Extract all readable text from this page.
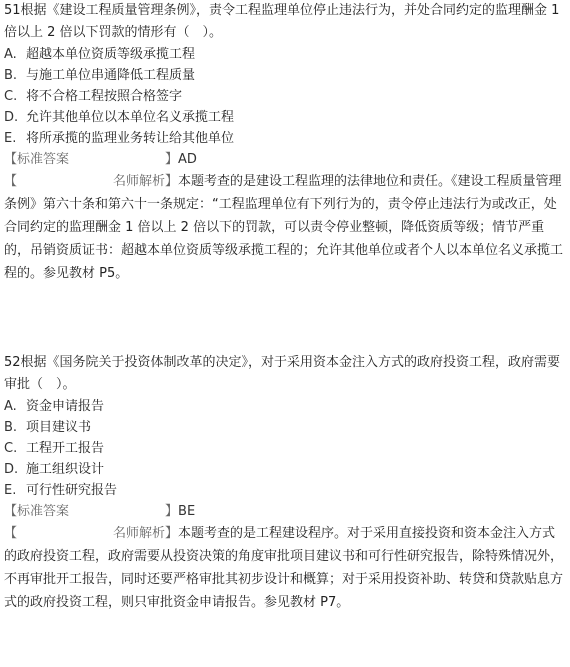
51根据《建设工程质量管理条例》，责令工程监理单位停止违法行为，并处合同约定的监理酬金 1 倍以上 2 倍以下罚款的情形有（　）。

A. 超越本单位资质等级承揽工程
B. 与施工单位串通降低工程质量
C. 将不合格工程按照合格签字
D. 允许其他单位以本单位名义承揽工程
E. 将所承揽的监理业务转让给其他单位

【标准答案	】AD

【	名师解析】本题考查的是建设工程监理的法律地位和责任。《建设工程质量管理条例》第六十条和第六十一条规定：“工程监理单位有下列行为的，责令停止违法行为或改正，处合同约定的监理酬金 1 倍以上 2 倍以下的罚款，可以责令停业整顿，降低资质等级；情节严重的，吊销资质证书：超越本单位资质等级承揽工程的；允许其他单位或者个人以本单位名义承揽工程的。参见教材 P5。

52根据《国务院关于投资体制改革的决定》，对于采用资本金注入方式的政府投资工程，政府需要审批（　）。

A. 资金申请报告
B. 项目建议书
C. 工程开工报告
D. 施工组织设计
E. 可行性研究报告

【标准答案	】BE

【	名师解析】本题考查的是工程建设程序。对于采用直接投资和资本金注入方式的政府投资工程，政府需要从投资决策的角度审批项目建议书和可行性研究报告，除特殊情况外，不再审批开工报告，同时还要严格审批其初步设计和概算；对于采用投资补助、转贷和贷款贴息方式的政府投资工程，则只审批资金申请报告。参见教材 P7。
